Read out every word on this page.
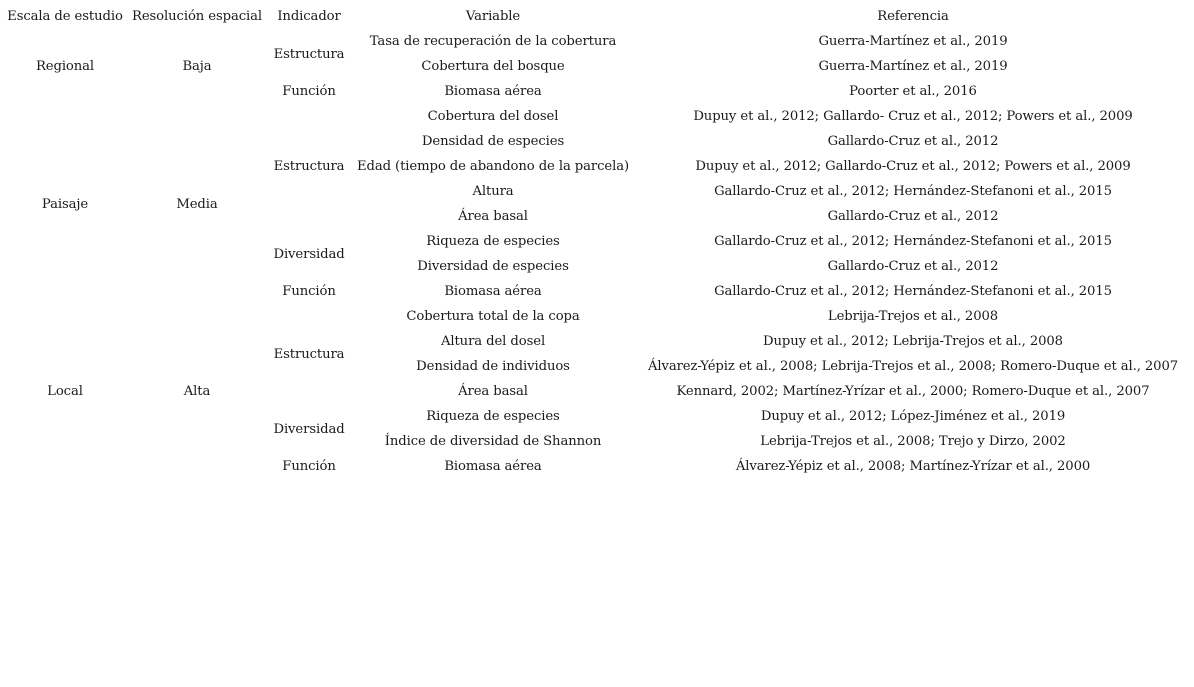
Escala de estudio	Resolución espacial	Indicador	Variable	Referencia
Regional	Baja	Estructura	Tasa de recuperación de la cobertura	Guerra-Martínez et al., 2019
			Cobertura del bosque	Guerra-Martínez et al., 2019
		Función	Biomasa aérea	Poorter et al., 2016
Paisaje	Media	Estructura	Cobertura del dosel	Dupuy et al., 2012; Gallardo- Cruz et al., 2012; Powers et al., 2009
			Densidad de especies	Gallardo-Cruz et al., 2012
			Edad (tiempo de abandono de la parcela)	Dupuy et al., 2012; Gallardo-Cruz et al., 2012; Powers et al., 2009
			Altura	Gallardo-Cruz et al., 2012; Hernández-Stefanoni et al., 2015
			Área basal	Gallardo-Cruz et al., 2012
		Diversidad	Riqueza de especies	Gallardo-Cruz et al., 2012; Hernández-Stefanoni et al., 2015
			Diversidad de especies	Gallardo-Cruz et al., 2012
		Función	Biomasa aérea	Gallardo-Cruz et al., 2012; Hernández-Stefanoni et al., 2015
Local	Alta	Estructura	Cobertura total de la copa	Lebrija-Trejos et al., 2008
			Altura del dosel	Dupuy et al., 2012; Lebrija-Trejos et al., 2008
			Densidad de individuos	Álvarez-Yépiz et al., 2008; Lebrija-Trejos et al., 2008; Romero-Duque et al., 2007
			Área basal	Kennard, 2002; Martínez-Yrízar et al., 2000; Romero-Duque et al., 2007
		Diversidad	Riqueza de especies	Dupuy et al., 2012; López-Jiménez et al., 2019
			Índice de diversidad de Shannon	Lebrija-Trejos et al., 2008; Trejo y Dirzo, 2002
		Función	Biomasa aérea	Álvarez-Yépiz et al., 2008; Martínez-Yrízar et al., 2000
